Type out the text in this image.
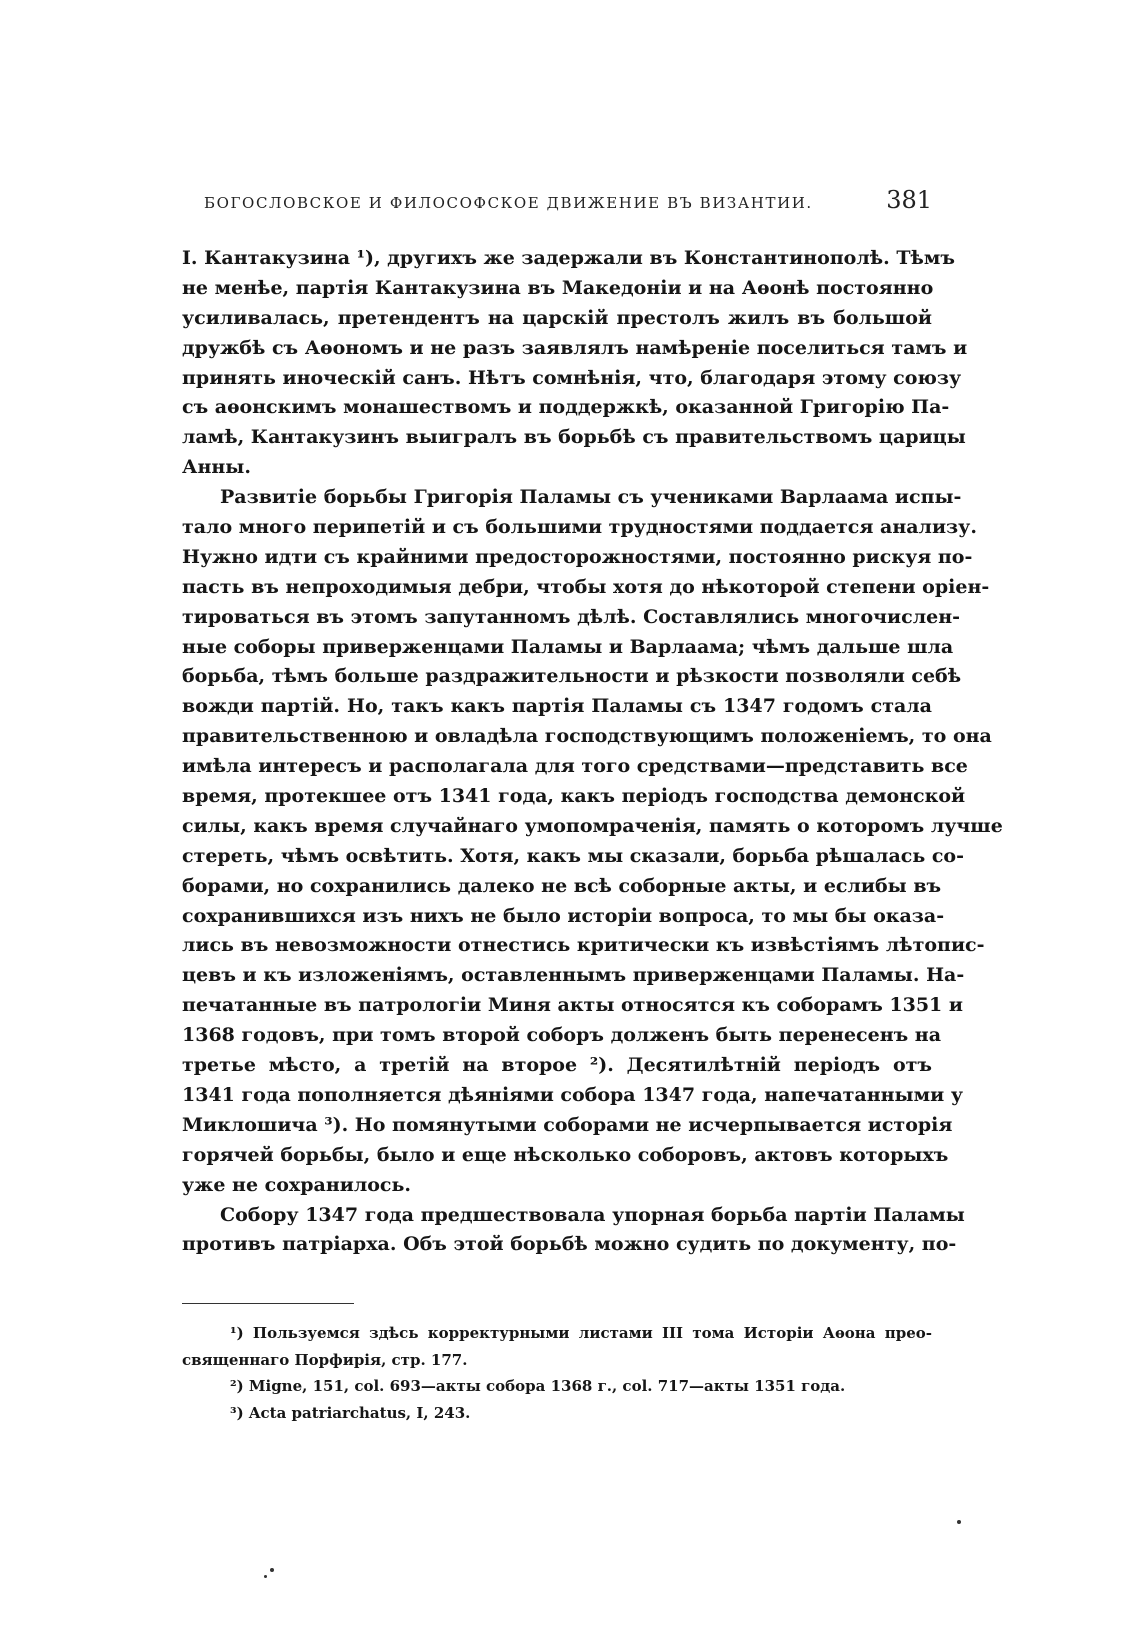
БОГОСЛОВСКОЕ И ФИЛОСОФСКОЕ ДВИЖЕНИЕ ВЪ ВИЗАНТИИ.	381
I. Кантакузина ¹), другихъ же задержали въ Константинополѣ. Тѣмъ
не менѣе, партія Кантакузина въ Македоніи и на Аѳонѣ постоянно
усиливалась, претендентъ на царскій престолъ жилъ въ большой
дружбѣ съ Аѳономъ и не разъ заявлялъ намѣреніе поселиться тамъ и
принять иноческій санъ. Нѣтъ сомнѣнія, что, благодаря этому союзу
съ аѳонскимъ монашествомъ и поддержкѣ, оказанной Григорію Па-
ламѣ, Кантакузинъ выигралъ въ борьбѣ съ правительствомъ царицы
Анны.
Развитіе борьбы Григорія Паламы съ учениками Варлаама испы-
тало много перипетій и съ большими трудностями поддается анализу.
Нужно идти съ крайними предосторожностями, постоянно рискуя по-
пасть въ непроходимыя дебри, чтобы хотя до нѣкоторой степени оріен-
тироваться въ этомъ запутанномъ дѣлѣ. Составлялись многочислен-
ные соборы приверженцами Паламы и Варлаама; чѣмъ дальше шла
борьба, тѣмъ больше раздражительности и рѣзкости позволяли себѣ
вожди партій. Но, такъ какъ партія Паламы съ 1347 годомъ стала
правительственною и овладѣла господствующимъ положеніемъ, то она
имѣла интересъ и располагала для того средствами—представить все
время, протекшее отъ 1341 года, какъ періодъ господства демонской
силы, какъ время случайнаго умопомраченія, память о которомъ лучше
стереть, чѣмъ освѣтить. Хотя, какъ мы сказали, борьба рѣшалась со-
борами, но сохранились далеко не всѣ соборные акты, и еслибы въ
сохранившихся изъ нихъ не было исторіи вопроса, то мы бы оказа-
лись въ невозможности отнестись критически къ извѣстіямъ лѣтопис-
цевъ и къ изложеніямъ, оставленнымъ приверженцами Паламы. На-
печатанные въ патрологіи Миня акты относятся къ соборамъ 1351 и
1368 годовъ, при томъ второй соборъ долженъ быть перенесенъ на
третье мѣсто, а третій на второе ²). Десятилѣтній періодъ отъ
1341 года пополняется дѣяніями собора 1347 года, напечатанными у
Миклошича ³). Но помянутыми соборами не исчерпывается исторія
горячей борьбы, было и еще нѣсколько соборовъ, актовъ которыхъ
уже не сохранилось.
Собору 1347 года предшествовала упорная борьба партіи Паламы
противъ патріарха. Объ этой борьбѣ можно судить по документу, по-
¹) Пользуемся здѣсь корректурными листами III тома Исторіи Аѳона прео-
священнаго Порфирія, стр. 177.
²) Migne, 151, col. 693—акты собора 1368 г., col. 717—акты 1351 года.
³) Acta patriarchatus, I, 243.
